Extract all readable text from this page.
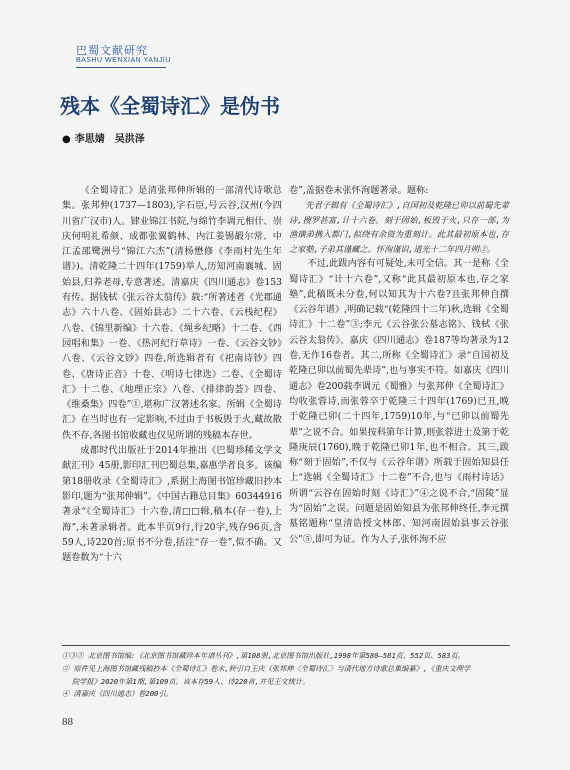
巴蜀文献研究
BASHU WENXIAN YANJIU
残本《全蜀诗汇》是伪书
● 李思婧　吴洪泽

《全蜀诗汇》是清张邦伸所辑的一部清代诗歌总集。张邦伸(1737—1803),字石臣,号云谷,汉州(今四川省广汉市)人。肄业锦江书院,与绵竹李调元相什、崇庆何明礼希颜、成都张翼鹤林、内江姜锡嘏尔常、中江孟邵鹭洲号“锦江六杰”(清杨懋修《李雨村先生年谱》)。清乾隆二十四年(1759)举人,历知河南襄城、固始县,归养老母,专意著述。清嘉庆《四川通志》卷153有传。据钱栻《张云谷太翁传》载:“所著述者《光郡通志》六十八卷、《固始县志》二十六卷、《云栈纪程》八卷、《锦里新编》十六卷、《绳乡纪略》十二卷、《西园唱和集》一卷、《热河纪行草诗》一卷、《云谷文钞》八卷、《云谷文钞》四卷,所选辑者有《祀南诗钞》四卷、《唐诗正音》十卷、《明诗七律选》二卷、《全蜀诗汇》十二卷、《地理正宗》八卷、《排律韵荟》四卷、《维桑集》四卷”①,堪称广汉著述名家。所辑《全蜀诗汇》在当时也有一定影响,不过由于书板毁于火,藏故散佚不存,各图书馆收藏也仅见所谓的残稿本存世。

成都时代出版社于2014年推出《巴蜀珍稀文学文献汇刊》45册,影印汇刊巴蜀总集,嘉惠学者良多。该编第18册收录《全蜀诗汇》,系据上海图书馆珍藏旧抄本影印,题为“张邦伸辑”。《中国古籍总目集》60344916著录“《全蜀诗汇》十六卷,清□□辑,稿本(存一卷),上海”,未著录辑者。此本半页9行,行20字,残存96页,含59人,诗220首;原书不分卷,括注“存一卷”,似不确。又题卷数为“十六

卷”,盖据卷末张怀洵题著录。题称:

先君子辑有《全蜀诗汇》,自国初及乾隆已卯以前蜀先辈诗,搜罗甚富,计十六卷。刻于固始,板毁于火,只存一部,为渔璜弟携入都门,拟绕有余资为重刻计。此其最初原本也,存之家塾,子弟其谨藏之。怀洵谨识,道光十二年四月朔②。

不过,此跋内容有可疑处,未可全信。其一是称《全蜀诗汇》“计十六卷”,又称“此其最初原本也,存之家塾”,此稿既未分卷,何以知其为十六卷?且张邦伸自撰《云谷年谱》,明确记载“(乾隆四十二年)秋,选辑《全蜀诗汇》十二卷”③;李元《云谷张公墓志铭》、钱栻《张云谷太翁传》、嘉庆《四川通志》卷187等均著录为12卷,无作16卷者。其二,所称《全蜀诗汇》录“自国初及乾隆已卯以前蜀先辈诗”,也与事实不符。如嘉庆《四川通志》卷200载李调元《蜀雅》与张邦伸《全蜀诗汇》均收张蓉诗,而张蓉卒于乾隆三十四年(1769)已丑,晚于乾隆已卯(二十四年,1759)10年,与“已卯以前蜀先辈”之说不合。如果按科第年计算,则张蓉进士及第于乾隆庚辰(1760),晚于乾隆已卯1年,也不相合。其三,跋称“刻于固始”,不仅与《云谷年谱》所载于固始知县任上“选辑《全蜀诗汇》十二卷”不合,也与《雨村诗话》所谓“云谷在固始时刻《诗汇》”④之说不合,“固陵”显为“固始”之误。问题是固始知县为张邦伸终任,李元撰墓铭题称“皇清诰授文林郎、知河南固始县事云谷张公”⑤,即可为证。作为人子,张怀洵不应

①③⑤ 北京图书馆编:《北京图书馆藏珍本年谱丛刊》,第108册,北京图书馆出版社,1998年第580—581页、552页、583页。

② 原件见上海图书馆藏残稿抄本《全蜀诗汇》卷末,转引自王庆《张邦伸〈全蜀诗汇〉与清代地方诗歌总集编纂》,《重庆文理学

院学报》2020年第1期,第109页。该本存59人、诗220首,并见王文统计。

④ 清嘉庆《四川通志》卷200引。

88
